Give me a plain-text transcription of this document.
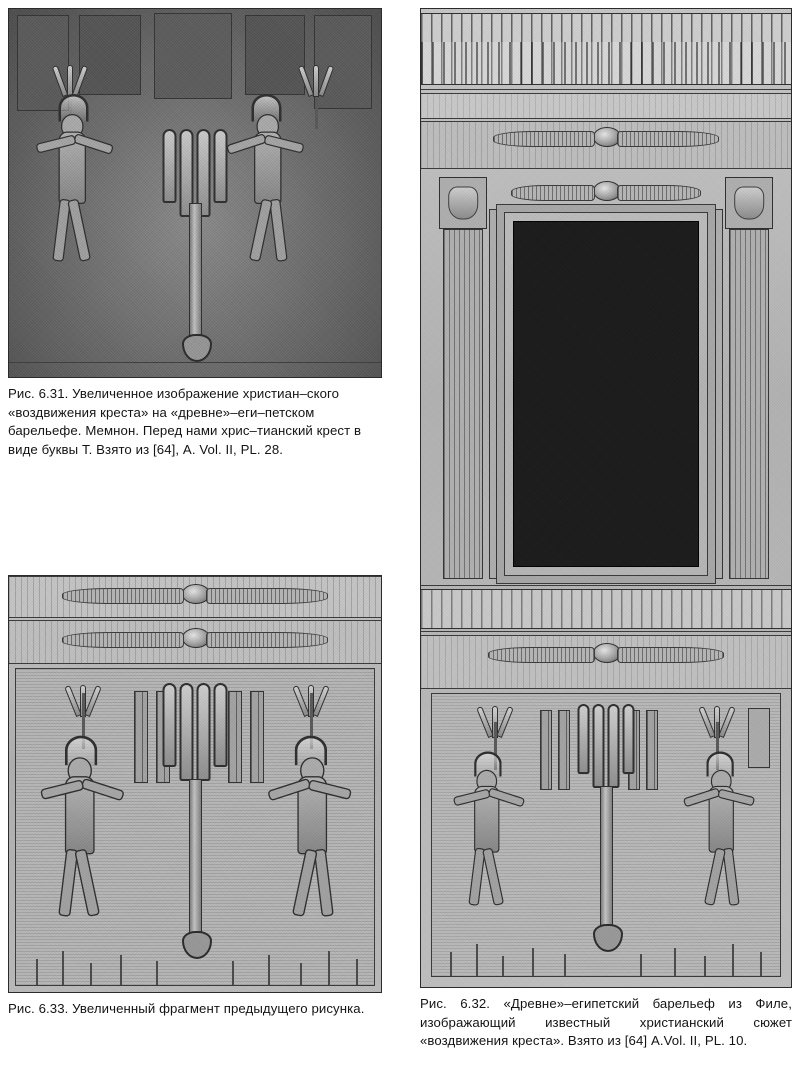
Рис. 6.31. Увеличенное изображение христиан–ского «воздвижения креста» на «древне»–еги–петском барельефе. Мемнон. Перед нами хрис–тианский крест в виде буквы T. Взято из [64], A. Vol. II, PL. 28.
Рис. 6.33. Увеличенный фрагмент предыдущего рисунка.	Рис. 6.32. «Древне»–египетский барельеф из Филе, изображающий известный христианский сюжет «воздвижения креста». Взято из [64] A.Vol. II, PL. 10.
